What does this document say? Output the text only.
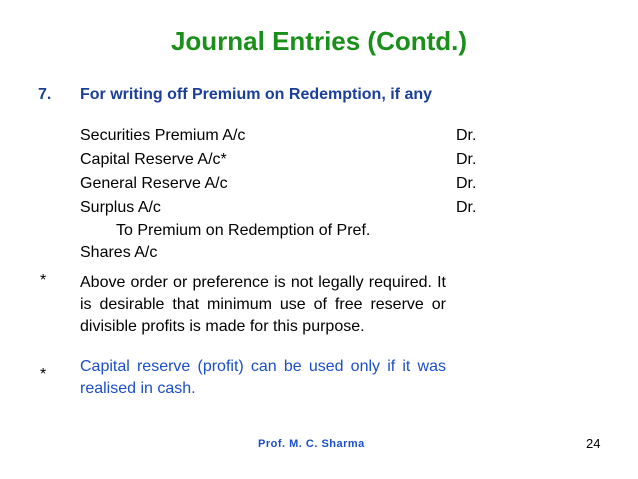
Journal Entries (Contd.)
7. For writing off Premium on Redemption, if any
Securities Premium A/c	Dr.
Capital Reserve A/c*	Dr.
General Reserve A/c	Dr.
Surplus A/c	Dr.
To Premium on Redemption of Pref. Shares A/c
* Above order or preference is not legally required. It is desirable that minimum use of free reserve or divisible profits is made for this purpose.
* Capital reserve (profit) can be used only if it was realised in cash.
Prof. M. C. Sharma	24
